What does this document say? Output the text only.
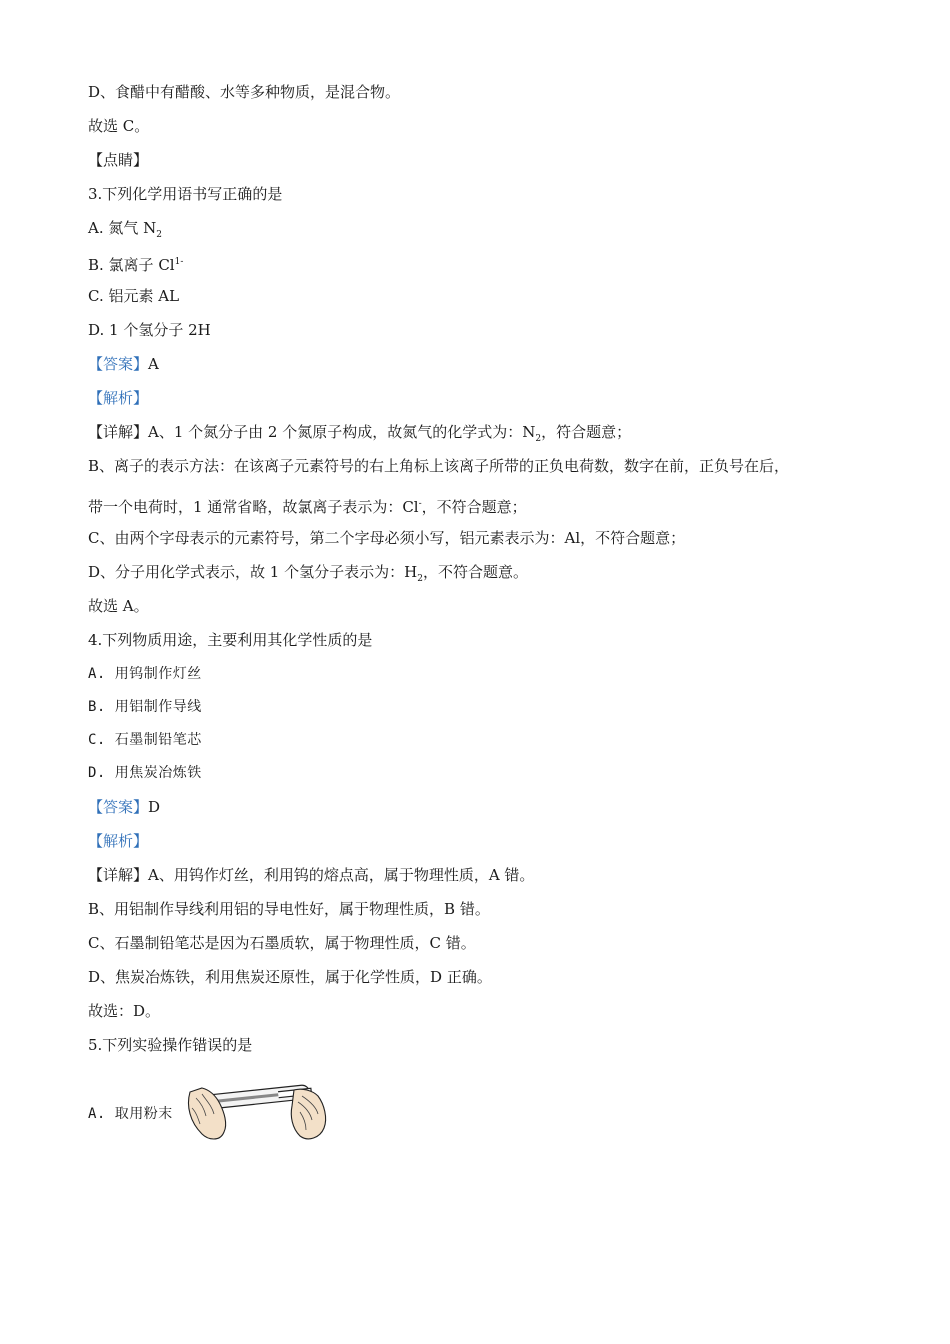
D、食醋中有醋酸、水等多种物质，是混合物。
故选 C。
【点睛】
3.下列化学用语书写正确的是
A. 氮气 $N_2$
B. 氯离子 $Cl^{1-}$
C. 铝元素 AL
D. 1 个氢分子 2H
【答案】A
【解析】
【详解】A、1 个氮分子由 2 个氮原子构成，故氮气的化学式为：$N_2$，符合题意；
B、离子的表示方法：在该离子元素符号的右上角标上该离子所带的正负电荷数，数字在前，正负号在后，
带一个电荷时，1 通常省略，故氯离子表示为：Cl-，不符合题意；
C、由两个字母表示的元素符号，第二个字母必须小写，铝元素表示为：Al，不符合题意；
D、分子用化学式表示，故 1 个氢分子表示为：$H_2$，不符合题意。
故选 A。
4.下列物质用途，主要利用其化学性质的是
A. 用钨制作灯丝
B. 用铝制作导线
C. 石墨制铅笔芯
D. 用焦炭冶炼铁
【答案】D
【解析】
【详解】A、用钨作灯丝，利用钨的熔点高，属于物理性质，A 错。
B、用铝制作导线利用铝的导电性好，属于物理性质，B 错。
C、石墨制铅笔芯是因为石墨质软，属于物理性质，C 错。
D、焦炭冶炼铁，利用焦炭还原性，属于化学性质，D 正确。
故选：D。
5.下列实验操作错误的是
A. 取用粉末
